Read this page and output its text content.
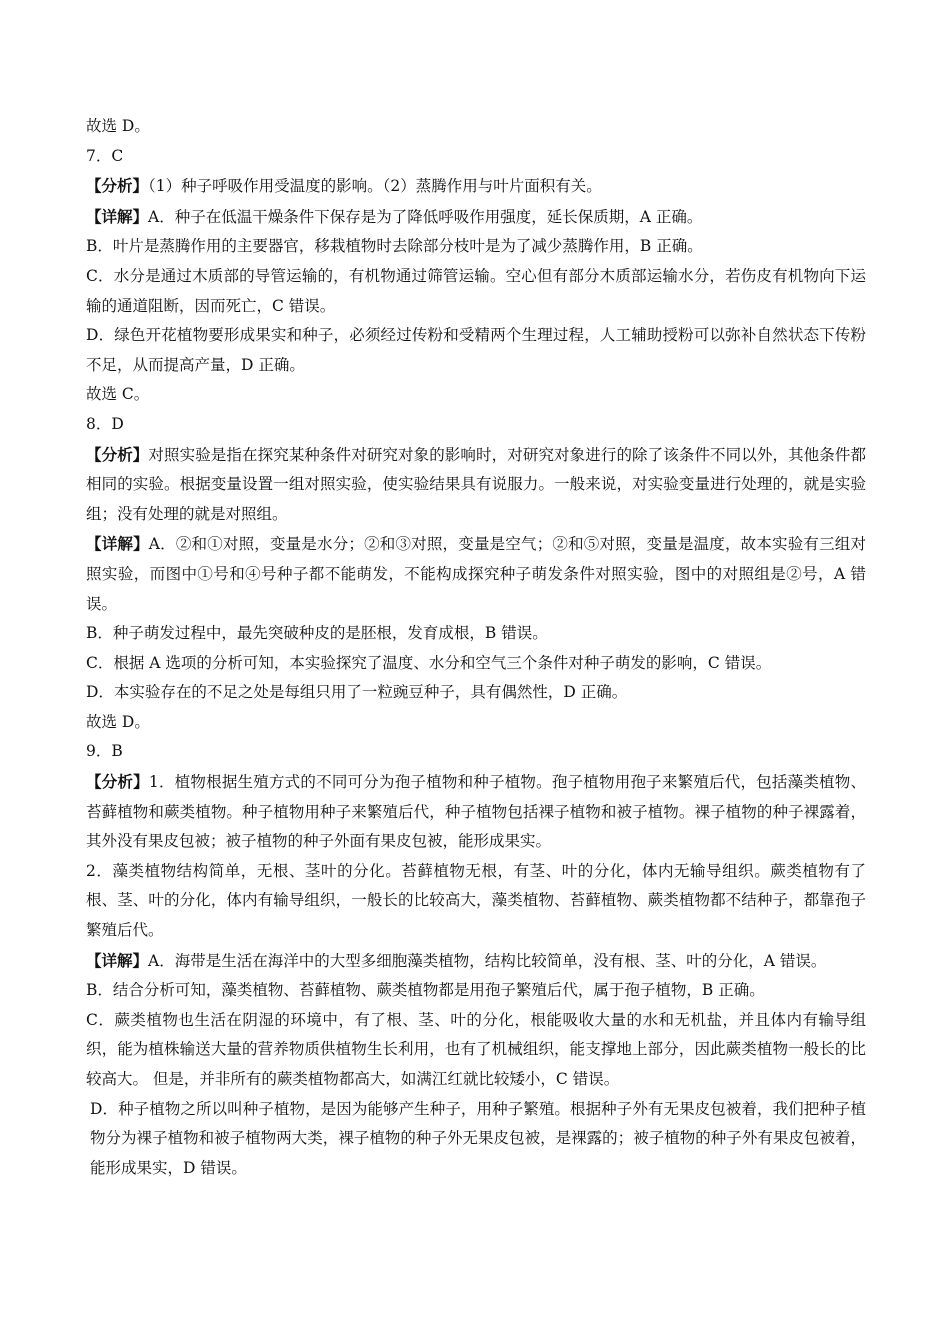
故选 D。

7．C

【分析】（1）种子呼吸作用受温度的影响。（2）蒸腾作用与叶片面积有关。

【详解】A．种子在低温干燥条件下保存是为了降低呼吸作用强度，延长保质期，A 正确。

B．叶片是蒸腾作用的主要器官，移栽植物时去除部分枝叶是为了减少蒸腾作用，B 正确。

C．水分是通过木质部的导管运输的，有机物通过筛管运输。空心但有部分木质部运输水分，若伤皮有机物向下运输的通道阻断，因而死亡，C 错误。

D．绿色开花植物要形成果实和种子，必须经过传粉和受精两个生理过程，人工辅助授粉可以弥补自然状态下传粉不足，从而提高产量，D 正确。

故选 C。

8．D

【分析】对照实验是指在探究某种条件对研究对象的影响时，对研究对象进行的除了该条件不同以外，其他条件都相同的实验。根据变量设置一组对照实验，使实验结果具有说服力。一般来说，对实验变量进行处理的，就是实验组；没有处理的就是对照组。

【详解】A．②和①对照，变量是水分；②和③对照，变量是空气；②和⑤对照，变量是温度，故本实验有三组对照实验，而图中①号和④号种子都不能萌发，不能构成探究种子萌发条件对照实验，图中的对照组是②号，A 错误。

B．种子萌发过程中，最先突破种皮的是胚根，发育成根，B 错误。

C．根据 A 选项的分析可知，本实验探究了温度、水分和空气三个条件对种子萌发的影响，C 错误。

D．本实验存在的不足之处是每组只用了一粒豌豆种子，具有偶然性，D 正确。

故选 D。

9．B

【分析】1．植物根据生殖方式的不同可分为孢子植物和种子植物。孢子植物用孢子来繁殖后代，包括藻类植物、苔藓植物和蕨类植物。种子植物用种子来繁殖后代，种子植物包括裸子植物和被子植物。裸子植物的种子裸露着，其外没有果皮包被；被子植物的种子外面有果皮包被，能形成果实。

2．藻类植物结构简单，无根、茎叶的分化。苔藓植物无根，有茎、叶的分化，体内无输导组织。蕨类植物有了根、茎、叶的分化，体内有输导组织，一般长的比较高大，藻类植物、苔藓植物、蕨类植物都不结种子，都靠孢子繁殖后代。

【详解】A．海带是生活在海洋中的大型多细胞藻类植物，结构比较简单，没有根、茎、叶的分化，A 错误。

B．结合分析可知，藻类植物、苔藓植物、蕨类植物都是用孢子繁殖后代，属于孢子植物，B 正确。

C．蕨类植物也生活在阴湿的环境中，有了根、茎、叶的分化，根能吸收大量的水和无机盐，并且体内有输导组织，能为植株输送大量的营养物质供植物生长利用，也有了机械组织，能支撑地上部分，因此蕨类植物一般长的比较高大。 但是，并非所有的蕨类植物都高大，如满江红就比较矮小，C 错误。

D．种子植物之所以叫种子植物，是因为能够产生种子，用种子繁殖。根据种子外有无果皮包被着，我们把种子植物分为裸子植物和被子植物两大类，裸子植物的种子外无果皮包被，是裸露的；被子植物的种子外有果皮包被着，能形成果实，D 错误。
